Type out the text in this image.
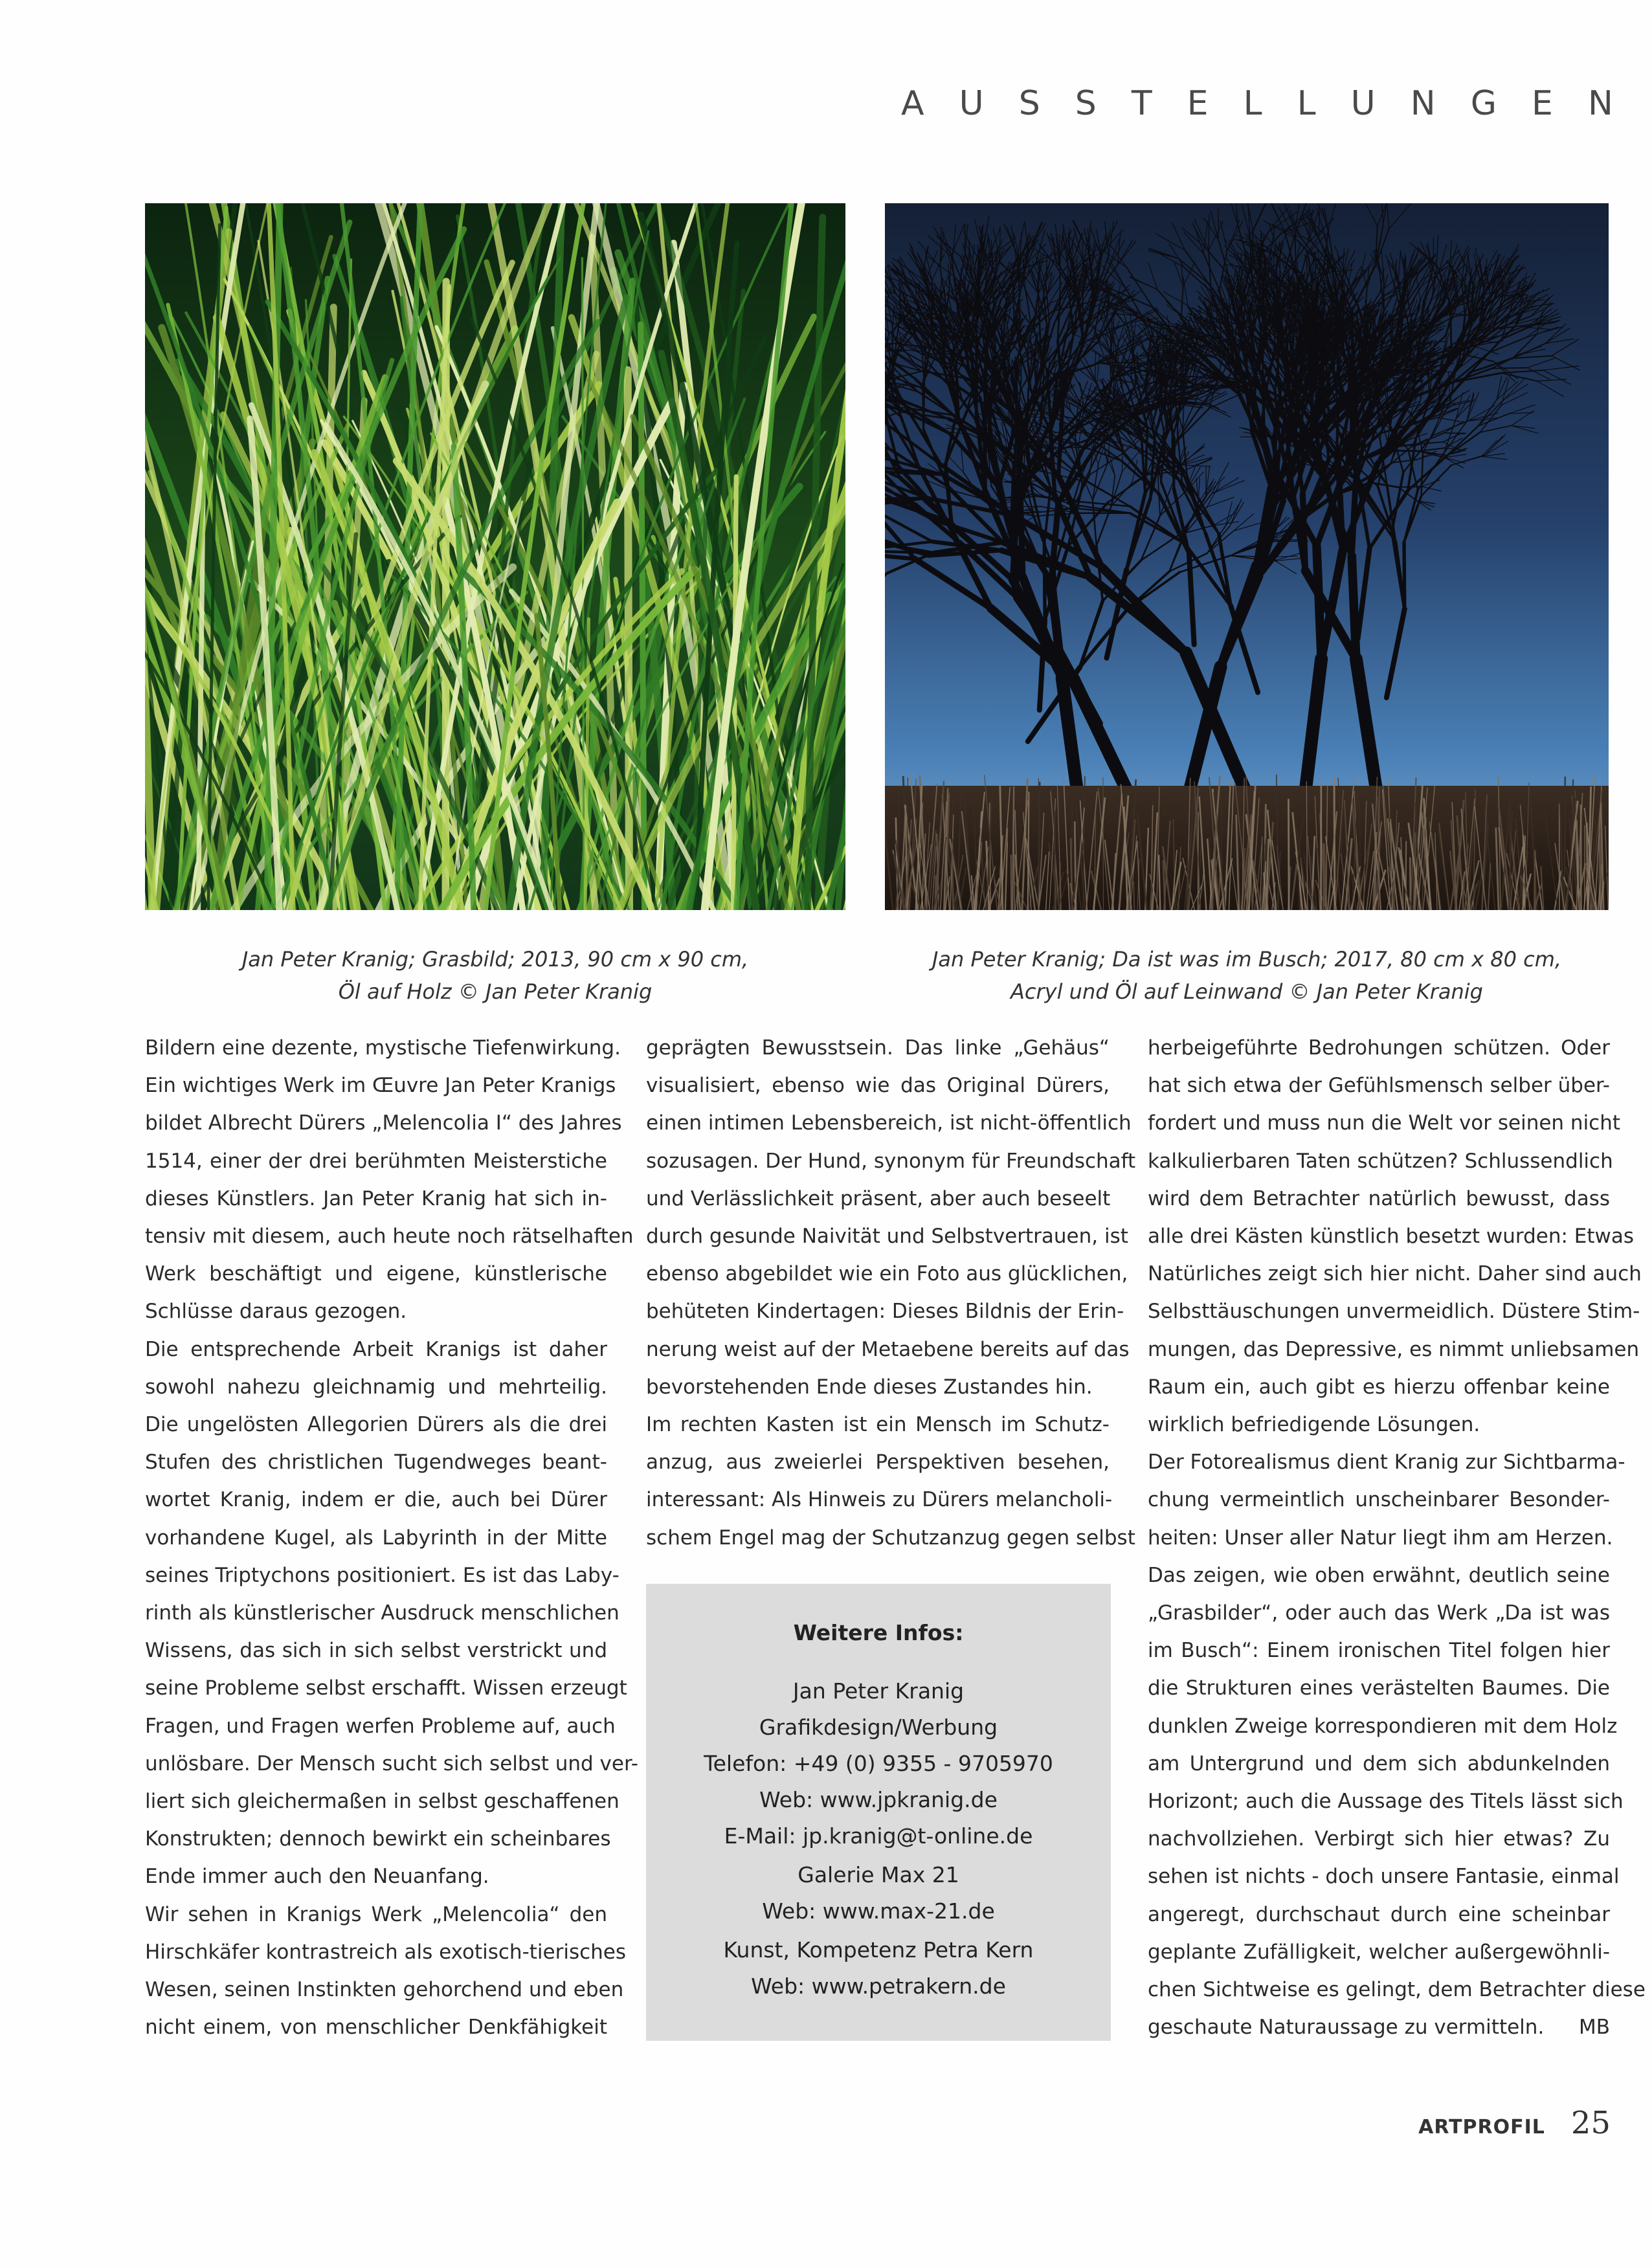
A U S S T E L L U N G E N
Jan Peter Kranig; Grasbild; 2013, 90 cm x 90 cm,
Öl auf Holz © Jan Peter Kranig
Jan Peter Kranig; Da ist was im Busch; 2017, 80 cm x 80 cm,
Acryl und Öl auf Leinwand © Jan Peter Kranig
Bildern eine dezente, mystische Tiefenwirkung.
Ein wichtiges Werk im Œuvre Jan Peter Kranigs
bildet Albrecht Dürers „Melencolia I“ des Jahres
1514, einer der drei berühmten Meisterstiche
dieses Künstlers. Jan Peter Kranig hat sich in-
tensiv mit diesem, auch heute noch rätselhaften
Werk beschäftigt und eigene, künstlerische
Schlüsse daraus gezogen.
Die entsprechende Arbeit Kranigs ist daher
sowohl nahezu gleichnamig und mehrteilig.
Die ungelösten Allegorien Dürers als die drei
Stufen des christlichen Tugendweges beant-
wortet Kranig, indem er die, auch bei Dürer
vorhandene Kugel, als Labyrinth in der Mitte
seines Triptychons positioniert. Es ist das Laby-
rinth als künstlerischer Ausdruck menschlichen
Wissens, das sich in sich selbst verstrickt und
seine Probleme selbst erschafft. Wissen erzeugt
Fragen, und Fragen werfen Probleme auf, auch
unlösbare. Der Mensch sucht sich selbst und ver-
liert sich gleichermaßen in selbst geschaffenen
Konstrukten; dennoch bewirkt ein scheinbares
Ende immer auch den Neuanfang.
Wir sehen in Kranigs Werk „Melencolia“ den
Hirschkäfer kontrastreich als exotisch-tierisches
Wesen, seinen Instinkten gehorchend und eben
nicht einem, von menschlicher Denkfähigkeit
geprägten Bewusstsein. Das linke „Gehäus“
visualisiert, ebenso wie das Original Dürers,
einen intimen Lebensbereich, ist nicht-öffentlich
sozusagen. Der Hund, synonym für Freundschaft
und Verlässlichkeit präsent, aber auch beseelt
durch gesunde Naivität und Selbstvertrauen, ist
ebenso abgebildet wie ein Foto aus glücklichen,
behüteten Kindertagen: Dieses Bildnis der Erin-
nerung weist auf der Metaebene bereits auf das
bevorstehenden Ende dieses Zustandes hin.
Im rechten Kasten ist ein Mensch im Schutz-
anzug, aus zweierlei Perspektiven besehen,
interessant: Als Hinweis zu Dürers melancholi-
schem Engel mag der Schutzanzug gegen selbst
herbeigeführte Bedrohungen schützen. Oder
hat sich etwa der Gefühlsmensch selber über-
fordert und muss nun die Welt vor seinen nicht
kalkulierbaren Taten schützen? Schlussendlich
wird dem Betrachter natürlich bewusst, dass
alle drei Kästen künstlich besetzt wurden: Etwas
Natürliches zeigt sich hier nicht. Daher sind auch
Selbsttäuschungen unvermeidlich. Düstere Stim-
mungen, das Depressive, es nimmt unliebsamen
Raum ein, auch gibt es hierzu offenbar keine
wirklich befriedigende Lösungen.
Der Fotorealismus dient Kranig zur Sichtbarma-
chung vermeintlich unscheinbarer Besonder-
heiten: Unser aller Natur liegt ihm am Herzen.
Das zeigen, wie oben erwähnt, deutlich seine
„Grasbilder“, oder auch das Werk „Da ist was
im Busch“: Einem ironischen Titel folgen hier
die Strukturen eines verästelten Baumes. Die
dunklen Zweige korrespondieren mit dem Holz
am Untergrund und dem sich abdunkelnden
Horizont; auch die Aussage des Titels lässt sich
nachvollziehen. Verbirgt sich hier etwas? Zu
sehen ist nichts - doch unsere Fantasie, einmal
angeregt, durchschaut durch eine scheinbar
geplante Zufälligkeit, welcher außergewöhnli-
chen Sichtweise es gelingt, dem Betrachter diese
geschaute Naturaussage zu vermitteln. MB
Weitere Infos:
Jan Peter Kranig
Grafikdesign/Werbung
Telefon: +49 (0) 9355 - 9705970
Web: www.jpkranig.de
E-Mail: jp.kranig@t-online.de
Galerie Max 21
Web: www.max-21.de
Kunst, Kompetenz Petra Kern
Web: www.petrakern.de
ARTPROFIL 25
